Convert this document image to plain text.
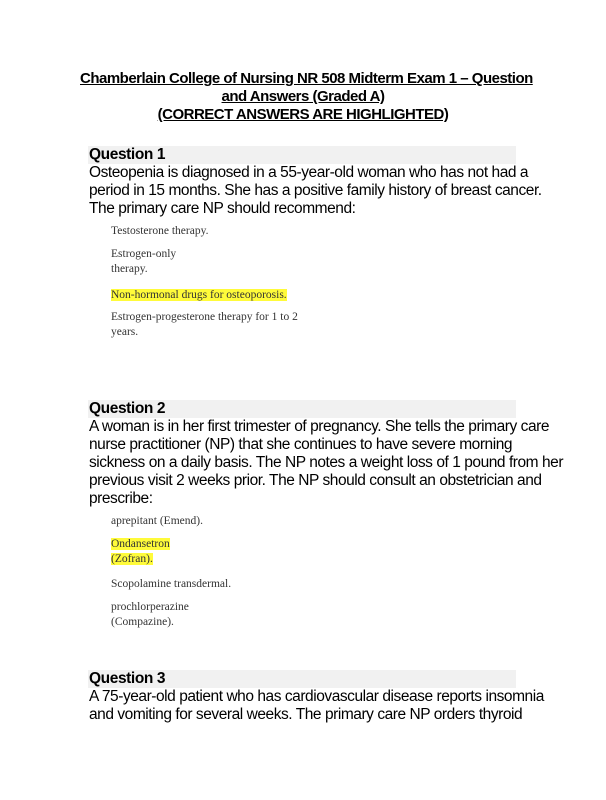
Chamberlain College of Nursing NR 508 Midterm Exam 1 – Question
and Answers (Graded A)
(CORRECT ANSWERS ARE HIGHLIGHTED)
Question 1
Osteopenia is diagnosed in a 55-year-old woman who has not had a
period in 15 months. She has a positive family history of breast cancer.
The primary care NP should recommend:
Testosterone therapy.
Estrogen-only
therapy.
Non-hormonal drugs for osteoporosis.
Estrogen-progesterone therapy for 1 to 2
years.
Question 2
A woman is in her first trimester of pregnancy. She tells the primary care
nurse practitioner (NP) that she continues to have severe morning
sickness on a daily basis. The NP notes a weight loss of 1 pound from her
previous visit 2 weeks prior. The NP should consult an obstetrician and
prescribe:
aprepitant (Emend).
Ondansetron
(Zofran).
Scopolamine transdermal.
prochlorperazine
(Compazine).
Question 3
A 75-year-old patient who has cardiovascular disease reports insomnia
and vomiting for several weeks. The primary care NP orders thyroid
